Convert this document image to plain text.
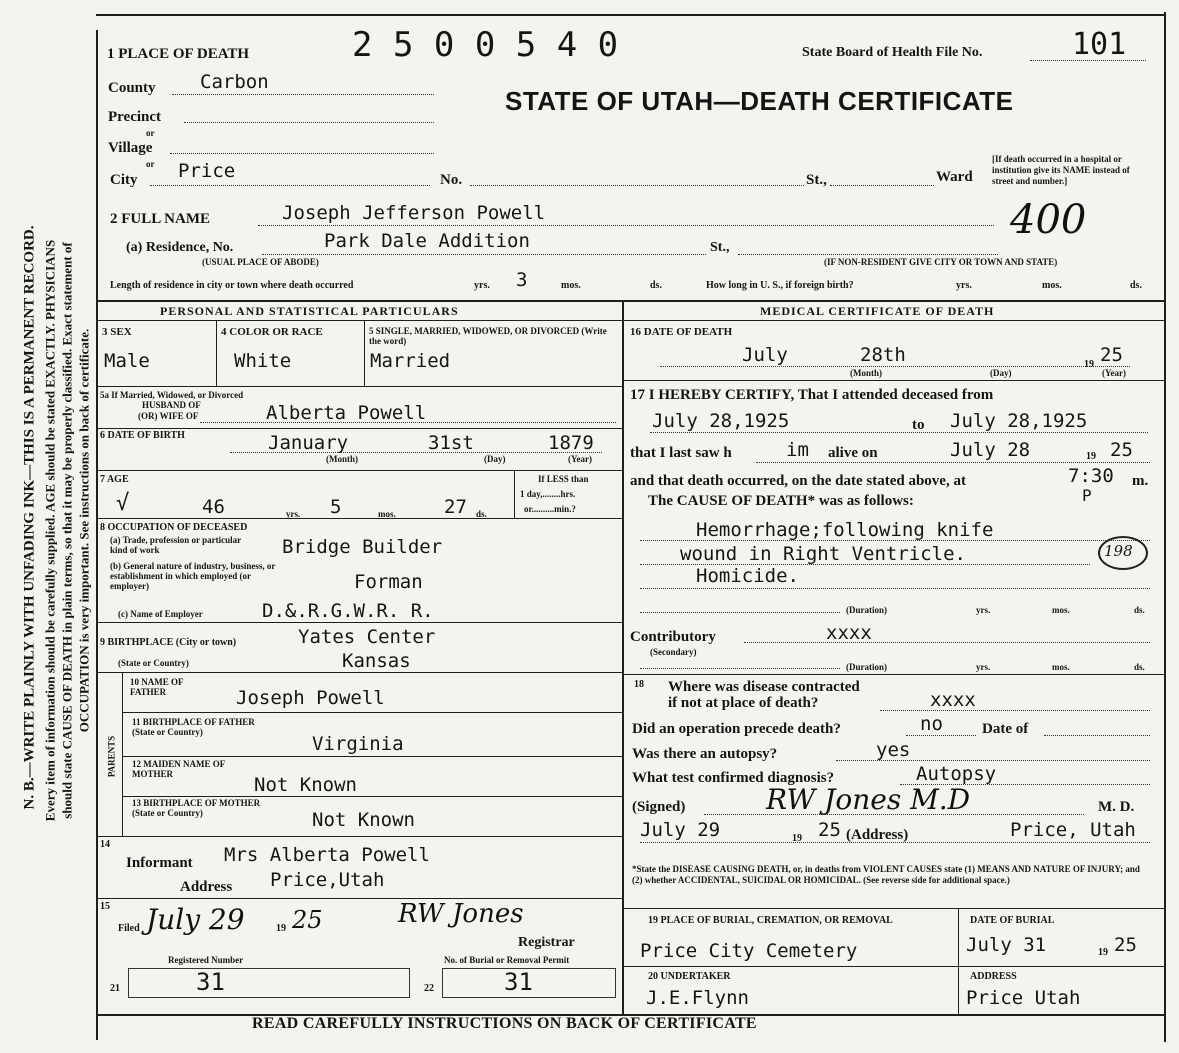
N. B.—WRITE PLAINLY WITH UNFADING INK—THIS IS A PERMANENT RECORD. Every item of information should be carefully supplied. AGE should be stated EXACTLY. PHYSICIANS should state CAUSE OF DEATH in plain terms, so that it may be properly classified. Exact statement of OCCUPATION is very important. See instructions on back of certificate.
1 PLACE OF DEATH	2 5 0 0 5 4 0	State Board of Health File No.	101
STATE OF UTAH—DEATH CERTIFICATE
County Carbon
Precinct
or
Village
or
City Price	No.	St.,	Ward
[If death occurred in a hospital or institution give its NAME instead of street and number.]
400
2 FULL NAME	Joseph Jefferson Powell
(a) Residence, No.	Park Dale Addition	St.,
(USUAL PLACE OF ABODE)	(IF NON-RESIDENT GIVE CITY OR TOWN AND STATE)
Length of residence in city or town where death occurred	yrs. 3	mos.	ds.	How long in U. S., if foreign birth?	yrs.	mos.	ds.
PERSONAL AND STATISTICAL PARTICULARS
3 SEX
Male
4 COLOR OR RACE
White
5 SINGLE, MARRIED, WIDOWED, OR DIVORCED (Write the word)
Married
5a If Married, Widowed, or Divorced
HUSBAND OF
(OR) WIFE OF	Alberta Powell
6 DATE OF BIRTH	January	31st	1879
(Month)	(Day)	(Year)
7 AGE
√	46	yrs. 5	mos.	27 ds.
If LESS than
1 day,........hrs.
or..........min.?
8 OCCUPATION OF DECEASED
(a) Trade, profession or particular kind of work	Bridge Builder
(b) General nature of industry, business, or establishment in which employed (or employer)	Forman
(c) Name of Employer	D.&.R.G.W.R. R.
9 BIRTHPLACE (City or town)	Yates Center
(State or Country)	Kansas
PARENTS
10 NAME OF FATHER	Joseph Powell
11 BIRTHPLACE OF FATHER (State or Country)
Virginia
12 MAIDEN NAME OF MOTHER	Not Known
13 BIRTHPLACE OF MOTHER (State or Country)	Not Known
14
Informant Mrs Alberta Powell
Address Price,Utah
15
Filed July 29	19 25	RW Jones
Registrar
Registered Number	No. of Burial or Removal Permit
21	31	22	31
MEDICAL CERTIFICATE OF DEATH
16 DATE OF DEATH
July	28th	19 25
(Month)	(Day)	(Year)
17 I HEREBY CERTIFY, That I attended deceased from
July 28,1925	to July 28,1925
that I last saw h	im alive on	July 28	19 25
and that death occurred, on the date stated above, at	7:30 m.
P
The CAUSE OF DEATH* was as follows:
Hemorrhage;following knife
wound in Right Ventricle.	198
Homicide.
(Duration)	yrs.	mos.	ds.
Contributory
(Secondary)
xxxx
(Duration)	yrs.	mos.	ds.
18 Where was disease contracted
if not at place of death?	xxxx
Did an operation precede death?	no	Date of
Was there an autopsy?	yes
What test confirmed diagnosis?	Autopsy
(Signed)	RW Jones M.D	M. D.
July 29	19 25 (Address)	Price, Utah
*State the DISEASE CAUSING DEATH, or, in deaths from VIOLENT CAUSES state (1) MEANS AND NATURE OF INJURY; and (2) whether ACCIDENTAL, SUICIDAL OR HOMICIDAL. (See reverse side for additional space.)
19 PLACE OF BURIAL, CREMATION, OR REMOVAL
Price City Cemetery
DATE OF BURIAL
July 31	19 25
20 UNDERTAKER
J.E.Flynn
ADDRESS
Price Utah
READ CAREFULLY INSTRUCTIONS ON BACK OF CERTIFICATE
